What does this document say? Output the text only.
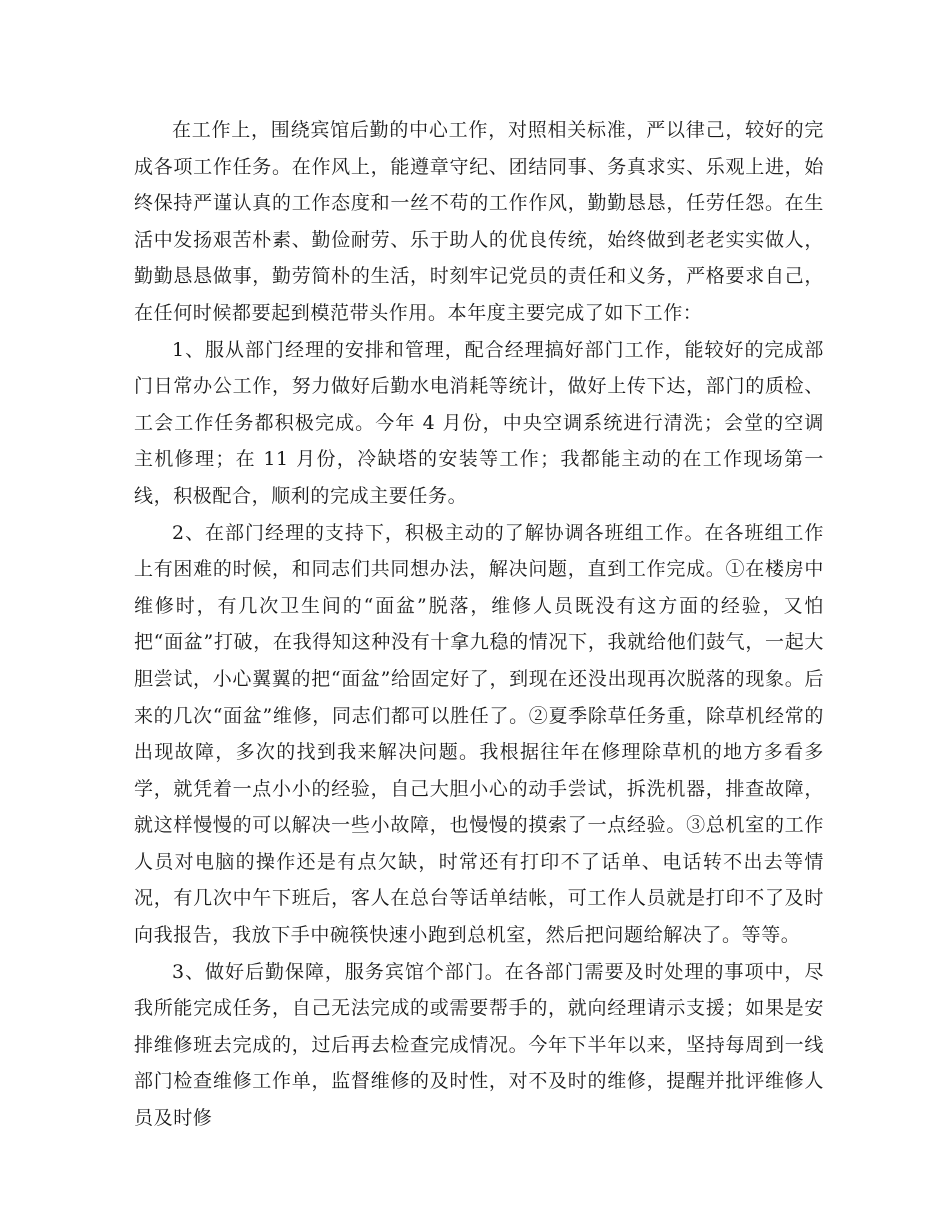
在工作上，围绕宾馆后勤的中心工作，对照相关标准，严以律己，较好的完成各项工作任务。在作风上，能遵章守纪、团结同事、务真求实、乐观上进，始终保持严谨认真的工作态度和一丝不苟的工作作风，勤勤恳恳，任劳任怨。在生活中发扬艰苦朴素、勤俭耐劳、乐于助人的优良传统，始终做到老老实实做人，勤勤恳恳做事，勤劳简朴的生活，时刻牢记党员的责任和义务，严格要求自己，在任何时候都要起到模范带头作用。本年度主要完成了如下工作：

1、服从部门经理的安排和管理，配合经理搞好部门工作，能较好的完成部门日常办公工作，努力做好后勤水电消耗等统计，做好上传下达，部门的质检、工会工作任务都积极完成。今年 4 月份，中央空调系统进行清洗；会堂的空调主机修理；在 11 月份，冷缺塔的安装等工作；我都能主动的在工作现场第一线，积极配合，顺利的完成主要任务。

2、在部门经理的支持下，积极主动的了解协调各班组工作。在各班组工作上有困难的时候，和同志们共同想办法，解决问题，直到工作完成。①在楼房中维修时，有几次卫生间的“面盆”脱落，维修人员既没有这方面的经验，又怕把“面盆”打破，在我得知这种没有十拿九稳的情况下，我就给他们鼓气，一起大胆尝试，小心翼翼的把“面盆”给固定好了，到现在还没出现再次脱落的现象。后来的几次“面盆”维修，同志们都可以胜任了。②夏季除草任务重，除草机经常的出现故障，多次的找到我来解决问题。我根据往年在修理除草机的地方多看多学，就凭着一点小小的经验，自己大胆小心的动手尝试，拆洗机器，排查故障，就这样慢慢的可以解决一些小故障，也慢慢的摸索了一点经验。③总机室的工作人员对电脑的操作还是有点欠缺，时常还有打印不了话单、电话转不出去等情况，有几次中午下班后，客人在总台等话单结帐，可工作人员就是打印不了及时向我报告，我放下手中碗筷快速小跑到总机室，然后把问题给解决了。等等。

3、做好后勤保障，服务宾馆个部门。在各部门需要及时处理的事项中，尽我所能完成任务，自己无法完成的或需要帮手的，就向经理请示支援；如果是安排维修班去完成的，过后再去检查完成情况。今年下半年以来，坚持每周到一线部门检查维修工作单，监督维修的及时性，对不及时的维修，提醒并批评维修人员及时修
